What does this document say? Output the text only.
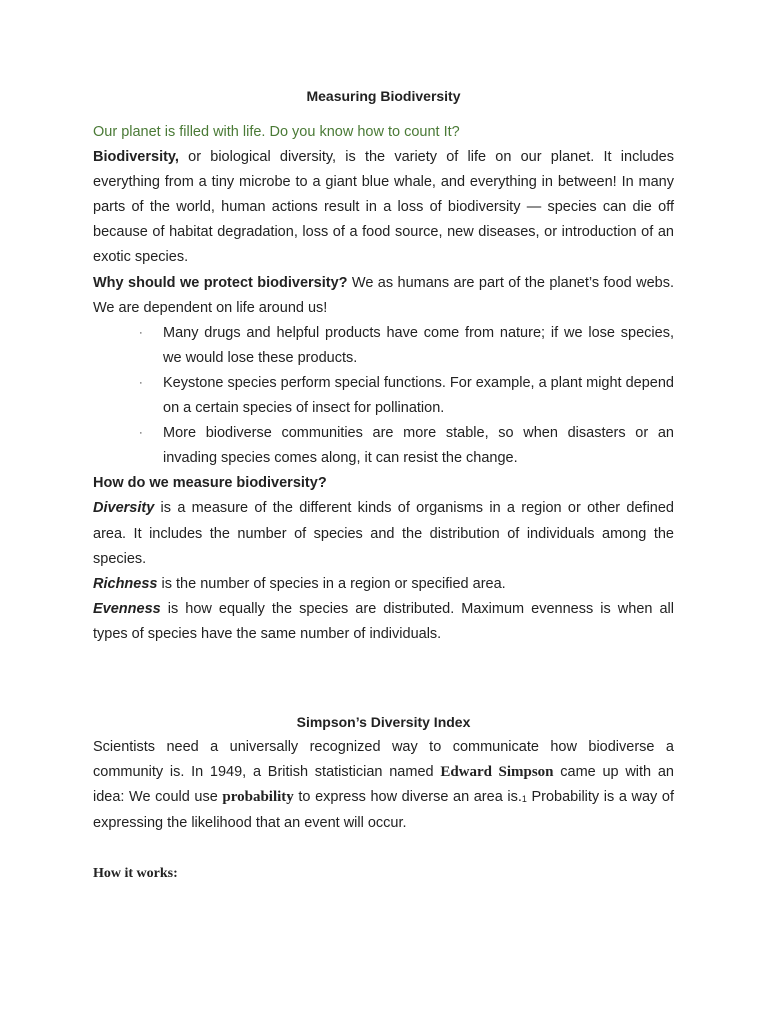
Measuring Biodiversity

Our planet is filled with life. Do you know how to count It?

Biodiversity, or biological diversity, is the variety of life on our planet. It includes everything from a tiny microbe to a giant blue whale, and everything in between! In many parts of the world, human actions result in a loss of biodiversity — species can die off because of habitat degradation, loss of a food source, new diseases, or introduction of an exotic species.

Why should we protect biodiversity? We as humans are part of the planet’s food webs. We are dependent on life around us!

· Many drugs and helpful products have come from nature; if we lose species, we would lose these products.
· Keystone species perform special functions. For example, a plant might depend on a certain species of insect for pollination.
· More biodiverse communities are more stable, so when disasters or an invading species comes along, it can resist the change.

How do we measure biodiversity?

Diversity is a measure of the different kinds of organisms in a region or other defined area. It includes the number of species and the distribution of individuals among the species.

Richness is the number of species in a region or specified area.

Evenness is how equally the species are distributed. Maximum evenness is when all types of species have the same number of individuals.

Simpson’s Diversity Index

Scientists need a universally recognized way to communicate how biodiverse a community is. In 1949, a British statistician named Edward Simpson came up with an idea: We could use probability to express how diverse an area $is._1$ Probability is a way of expressing the likelihood that an event will occur.

How it works:
